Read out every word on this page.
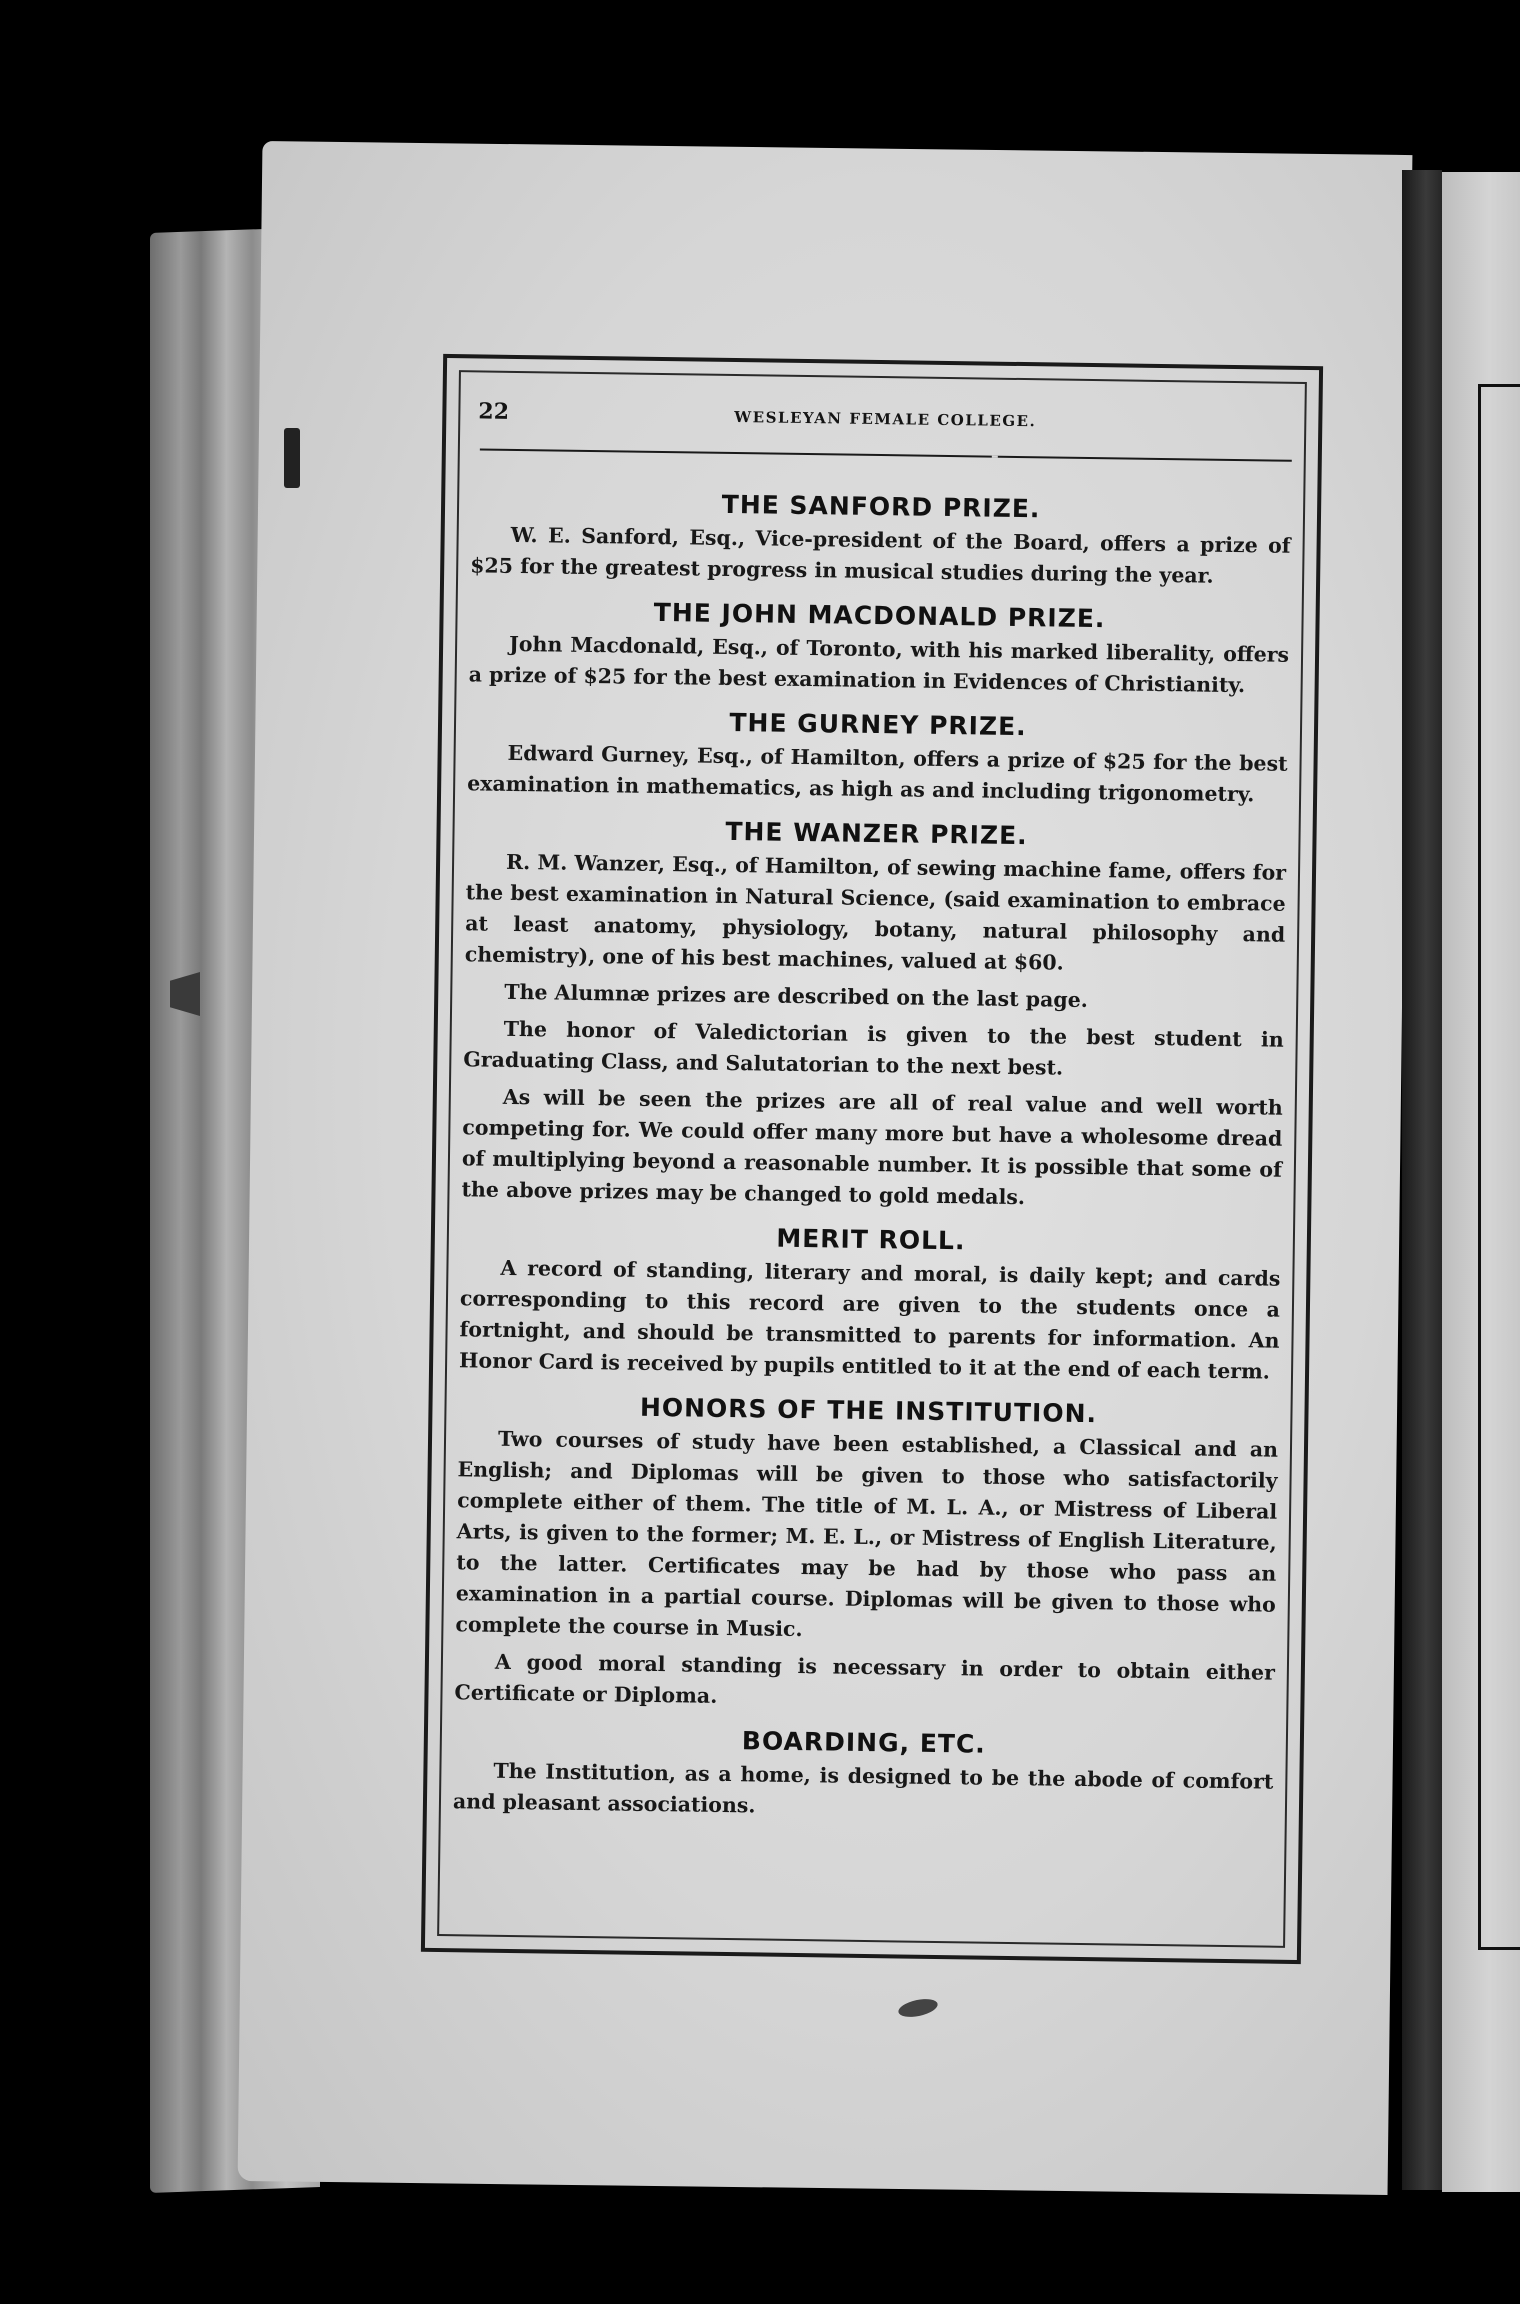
22	WESLEYAN FEMALE COLLEGE.
THE SANFORD PRIZE.

W. E. Sanford, Esq., Vice-president of the Board, offers a prize of $25 for the greatest progress in musical studies during the year.

THE JOHN MACDONALD PRIZE.

John Macdonald, Esq., of Toronto, with his marked liberality, offers a prize of $25 for the best examination in Evidences of Christianity.

THE GURNEY PRIZE.

Edward Gurney, Esq., of Hamilton, offers a prize of $25 for the best examination in mathematics, as high as and including trigonometry.

THE WANZER PRIZE.

R. M. Wanzer, Esq., of Hamilton, of sewing machine fame, offers for the best examination in Natural Science, (said examination to embrace at least anatomy, physiology, botany, natural philosophy and chemistry), one of his best machines, valued at $60.

The Alumnæ prizes are described on the last page.

The honor of Valedictorian is given to the best student in Graduating Class, and Salutatorian to the next best.

As will be seen the prizes are all of real value and well worth competing for. We could offer many more but have a wholesome dread of multiplying beyond a reasonable number. It is possible that some of the above prizes may be changed to gold medals.

MERIT ROLL.

A record of standing, literary and moral, is daily kept; and cards corresponding to this record are given to the students once a fortnight, and should be transmitted to parents for information. An Honor Card is received by pupils entitled to it at the end of each term.

HONORS OF THE INSTITUTION.

Two courses of study have been established, a Classical and an English; and Diplomas will be given to those who satisfactorily complete either of them. The title of M. L. A., or Mistress of Liberal Arts, is given to the former; M. E. L., or Mistress of English Literature, to the latter. Certificates may be had by those who pass an examination in a partial course. Diplomas will be given to those who complete the course in Music.

A good moral standing is necessary in order to obtain either Certificate or Diploma.

BOARDING, ETC.

The Institution, as a home, is designed to be the abode of comfort and pleasant associations.
